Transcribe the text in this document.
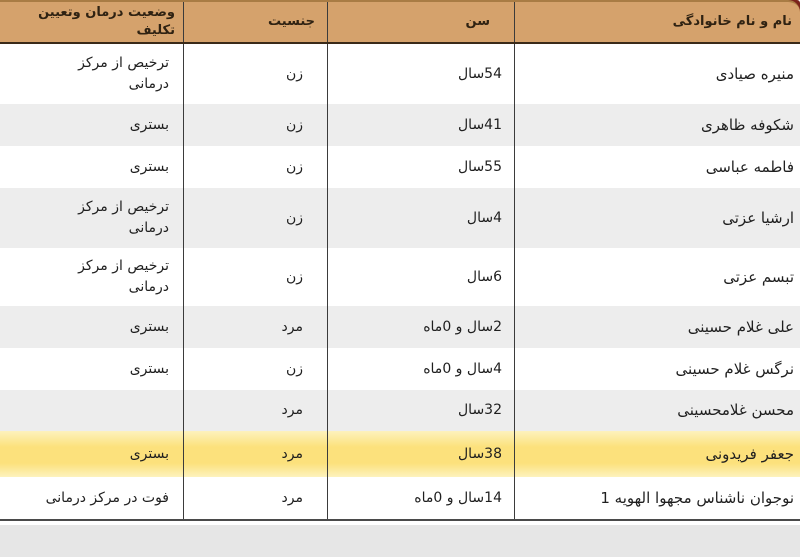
نام و نام خانوادگی
سن
جنسیت
وضعیت درمان وتعیین تکلیف
منیره صیادی
54سال
زن
ترخیص از مرکز درمانی
شکوفه ظاهری
41سال
زن
بستری
فاطمه عباسی
55سال
زن
بستری
ارشیا عزتی
4سال
زن
ترخیص از مرکز درمانی
تبسم عزتی
6سال
زن
ترخیص از مرکز درمانی
علی غلام حسینی
2سال و 0ماه
مرد
بستری
نرگس غلام حسینی
4سال و 0ماه
زن
بستری
محسن غلامحسینی
32سال
مرد
جعفر فریدونی
38سال
مرد
بستری
نوجوان ناشناس مجهوا الهویه 1
14سال و 0ماه
مرد
فوت در مرکز درمانی
